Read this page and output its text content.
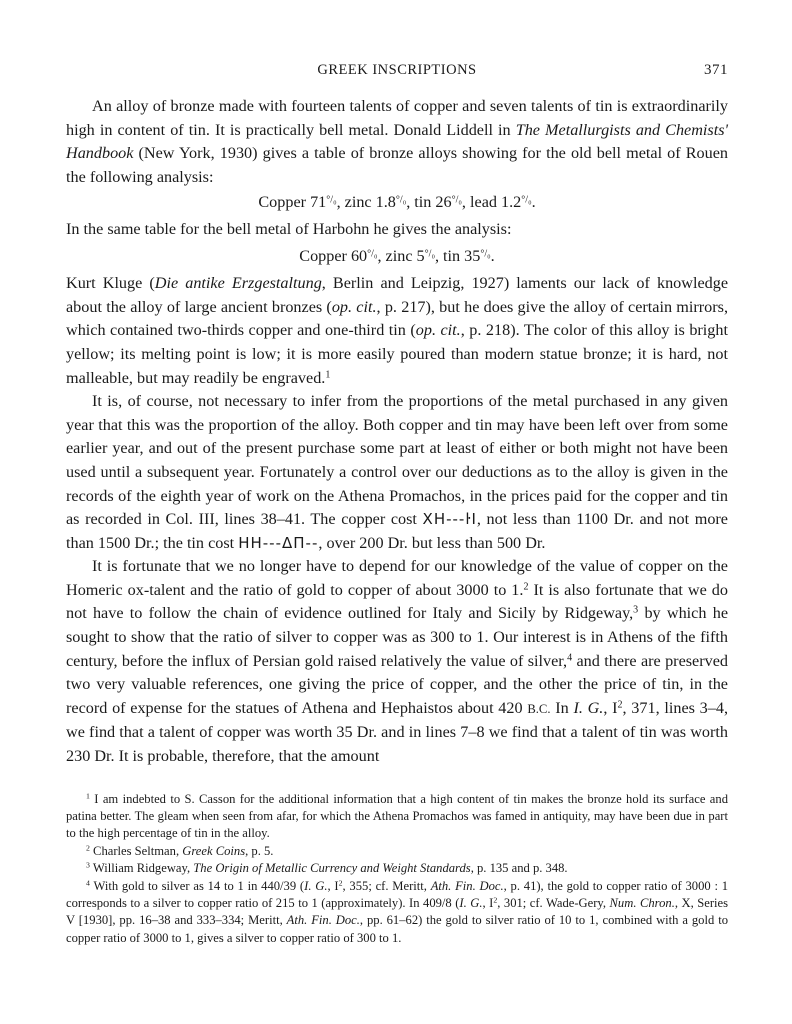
GREEK INSCRIPTIONS	371

An alloy of bronze made with fourteen talents of copper and seven talents of tin is extraordinarily high in content of tin. It is practically bell metal. Donald Liddell in The Metallurgists and Chemists' Handbook (New York, 1930) gives a table of bronze alloys showing for the old bell metal of Rouen the following analysis:

Copper $71^{^\circ/_0}$, zinc $1.8^{^\circ/_0}$, tin $26^{^\circ/_0}$, lead $1.2^{^\circ/_0}$.

In the same table for the bell metal of Harbohn he gives the analysis:

Copper $60^{^\circ/_0}$, zinc $5^{^\circ/_0}$, tin $35^{^\circ/_0}$.

Kurt Kluge (Die antike Erzgestaltung, Berlin and Leipzig, 1927) laments our lack of knowledge about the alloy of large ancient bronzes (op. cit., p. 217), but he does give the alloy of certain mirrors, which contained two-thirds copper and one-third tin (op. cit., p. 218). The color of this alloy is bright yellow; its melting point is low; it is more easily poured than modern statue bronze; it is hard, not malleable, but may readily be engraved.$^1$

It is, of course, not necessary to infer from the proportions of the metal purchased in any given year that this was the proportion of the alloy. Both copper and tin may have been left over from some earlier year, and out of the present purchase some part at least of either or both might not have been used until a subsequent year. Fortunately a control over our deductions as to the alloy is given in the records of the eighth year of work on the Athena Promachos, in the prices paid for the copper and tin as recorded in Col. III, lines 38–41. The copper cost XH---ŀI, not less than 1100 Dr. and not more than 1500 Dr.; the tin cost HH---ΔΠ--, over 200 Dr. but less than 500 Dr.

It is fortunate that we no longer have to depend for our knowledge of the value of copper on the Homeric ox-talent and the ratio of gold to copper of about 3000 to 1.$^2$ It is also fortunate that we do not have to follow the chain of evidence outlined for Italy and Sicily by Ridgeway,$^3$ by which he sought to show that the ratio of silver to copper was as 300 to 1. Our interest is in Athens of the fifth century, before the influx of Persian gold raised relatively the value of silver,$^4$ and there are preserved two very valuable references, one giving the price of copper, and the other the price of tin, in the record of expense for the statues of Athena and Hephaistos about 420 B.C. In I. G., $I^2$, 371, lines 3–4, we find that a talent of copper was worth 35 Dr. and in lines 7–8 we find that a talent of tin was worth 230 Dr. It is probable, therefore, that the amount

$^1$ I am indebted to S. Casson for the additional information that a high content of tin makes the bronze hold its surface and patina better. The gleam when seen from afar, for which the Athena Promachos was famed in antiquity, may have been due in part to the high percentage of tin in the alloy.

$^2$ Charles Seltman, Greek Coins, p. 5.

$^3$ William Ridgeway, The Origin of Metallic Currency and Weight Standards, p. 135 and p. 348.

$^4$ With gold to silver as 14 to 1 in 440/39 (I. G., $I^2$, 355; cf. Meritt, Ath. Fin. Doc., p. 41), the gold to copper ratio of 3000 : 1 corresponds to a silver to copper ratio of 215 to 1 (approximately). In 409/8 (I. G., $I^2$, 301; cf. Wade-Gery, Num. Chron., X, Series V [1930], pp. 16–38 and 333–334; Meritt, Ath. Fin. Doc., pp. 61–62) the gold to silver ratio of 10 to 1, combined with a gold to copper ratio of 3000 to 1, gives a silver to copper ratio of 300 to 1.
